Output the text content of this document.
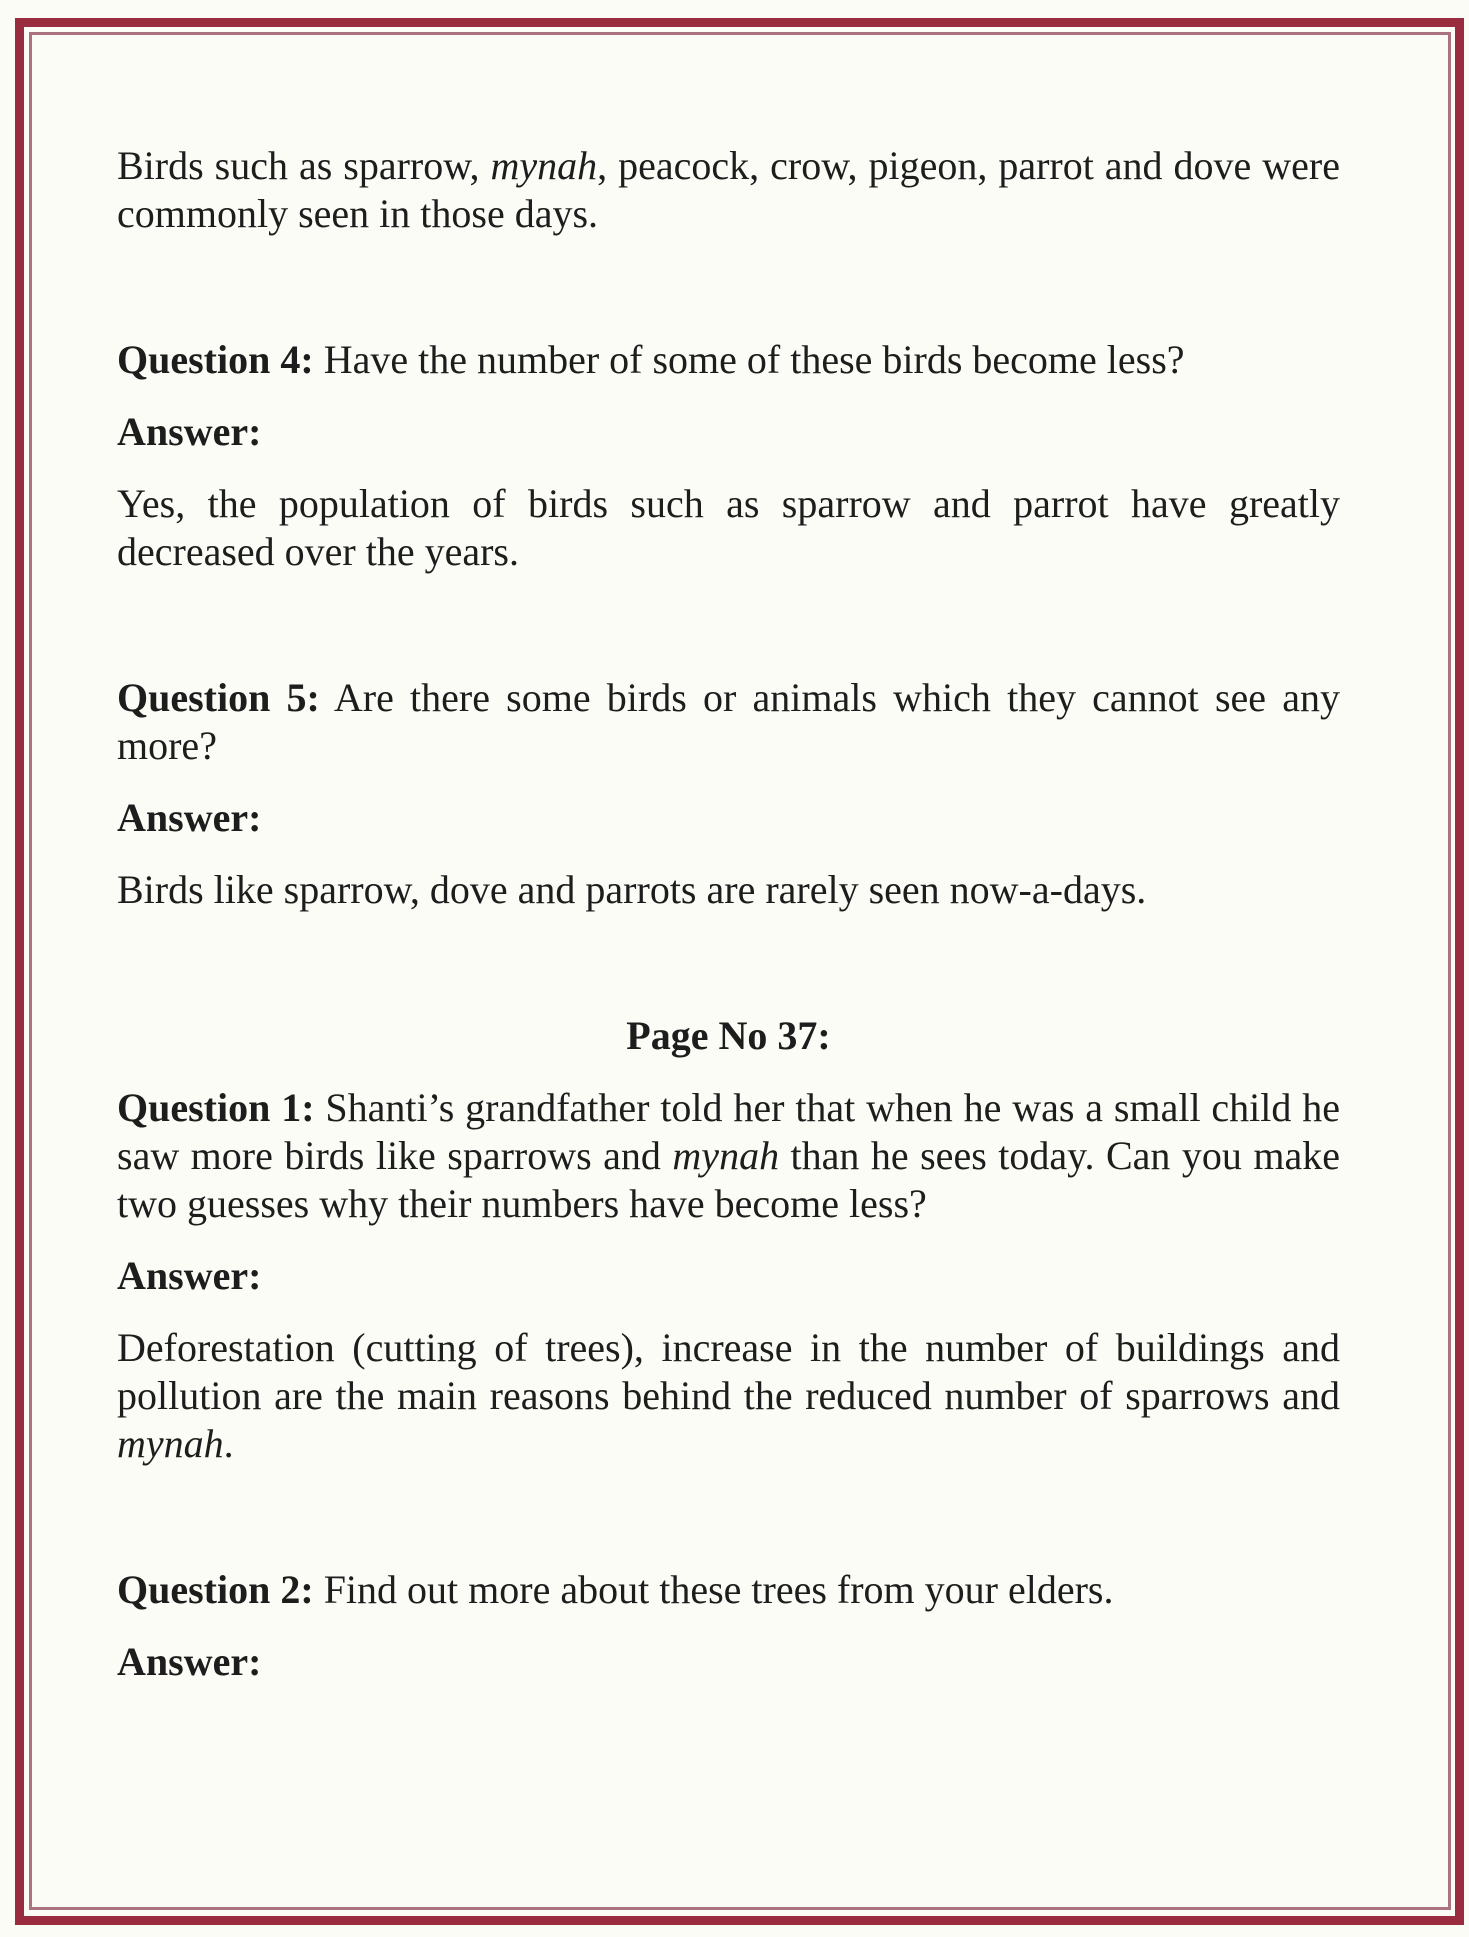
Birds such as sparrow, mynah, peacock, crow, pigeon, parrot and dove were commonly seen in those days.

Question 4: Have the number of some of these birds become less?

Answer:

Yes, the population of birds such as sparrow and parrot have greatly decreased over the years.

Question 5: Are there some birds or animals which they cannot see any more?

Answer:

Birds like sparrow, dove and parrots are rarely seen now-a-days.

Page No 37:

Question 1: Shanti’s grandfather told her that when he was a small child he saw more birds like sparrows and mynah than he sees today. Can you make two guesses why their numbers have become less?

Answer:

Deforestation (cutting of trees), increase in the number of buildings and pollution are the main reasons behind the reduced number of sparrows and mynah.

Question 2: Find out more about these trees from your elders.

Answer:
